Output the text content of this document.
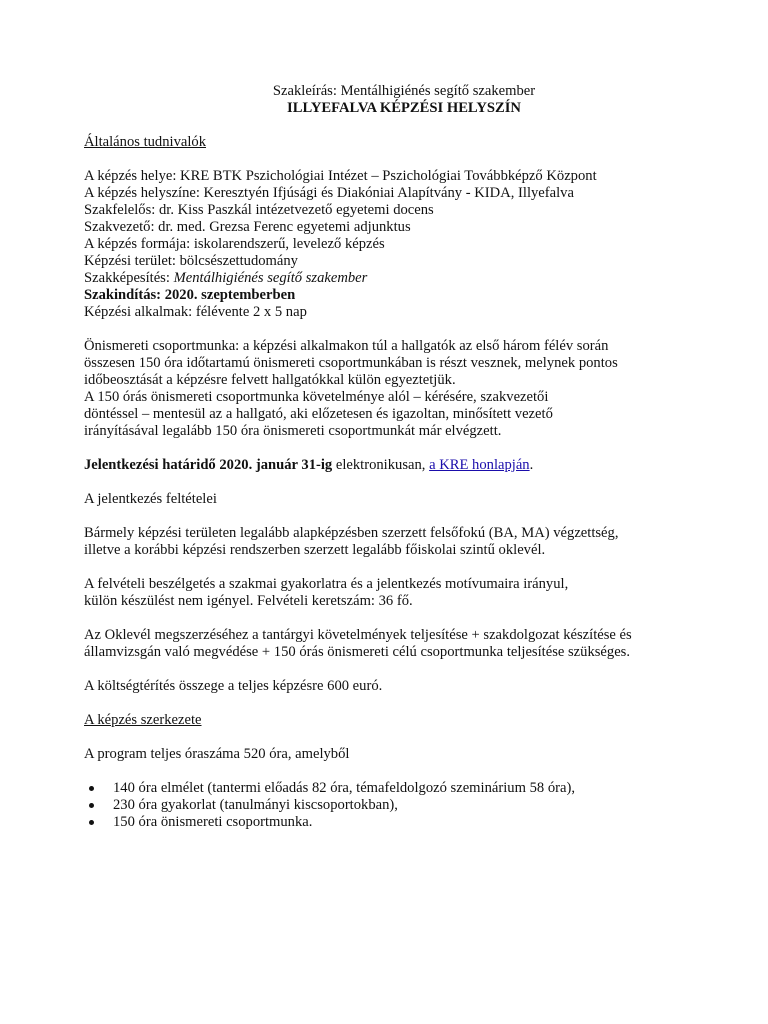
Szakleírás: Mentálhigiénés segítő szakember
ILLYEFALVA KÉPZÉSI HELYSZÍN
Általános tudnivalók
A képzés helye: KRE BTK Pszichológiai Intézet – Pszichológiai Továbbképző Központ
A képzés helyszíne: Keresztyén Ifjúsági és Diakóniai Alapítvány - KIDA, Illyefalva
Szakfelelős: dr. Kiss Paszkál intézetvezető egyetemi docens
Szakvezető: dr. med. Grezsa Ferenc egyetemi adjunktus
A képzés formája: iskolarendszerű, levelező képzés
Képzési terület: bölcsészettudomány
Szakképesítés: Mentálhigiénés segítő szakember
Szakindítás: 2020. szeptemberben
Képzési alkalmak: félévente 2 x 5 nap
Önismereti csoportmunka: a képzési alkalmakon túl a hallgatók az első három félév során
összesen 150 óra időtartamú önismereti csoportmunkában is részt vesznek, melynek pontos
időbeosztását a képzésre felvett hallgatókkal külön egyeztetjük.
A 150 órás önismereti csoportmunka követelménye alól – kérésére, szakvezetői
döntéssel – mentesül az a hallgató, aki előzetesen és igazoltan, minősített vezető
irányításával legalább 150 óra önismereti csoportmunkát már elvégzett.
Jelentkezési határidő 2020. január 31-ig elektronikusan, a KRE honlapján.
A jelentkezés feltételei
Bármely képzési területen legalább alapképzésben szerzett felsőfokú (BA, MA) végzettség,
illetve a korábbi képzési rendszerben szerzett legalább főiskolai szintű oklevél.
A felvételi beszélgetés a szakmai gyakorlatra és a jelentkezés motívumaira irányul,
külön készülést nem igényel. Felvételi keretszám: 36 fő.
Az Oklevél megszerzéséhez a tantárgyi követelmények teljesítése + szakdolgozat készítése és
államvizsgán való megvédése + 150 órás önismereti célú csoportmunka teljesítése szükséges.
A költségtérítés összege a teljes képzésre 600 euró.
A képzés szerkezete
A program teljes óraszáma 520 óra, amelyből
140 óra elmélet (tantermi előadás 82 óra, témafeldolgozó szeminárium 58 óra),
230 óra gyakorlat (tanulmányi kiscsoportokban),
150 óra önismereti csoportmunka.
